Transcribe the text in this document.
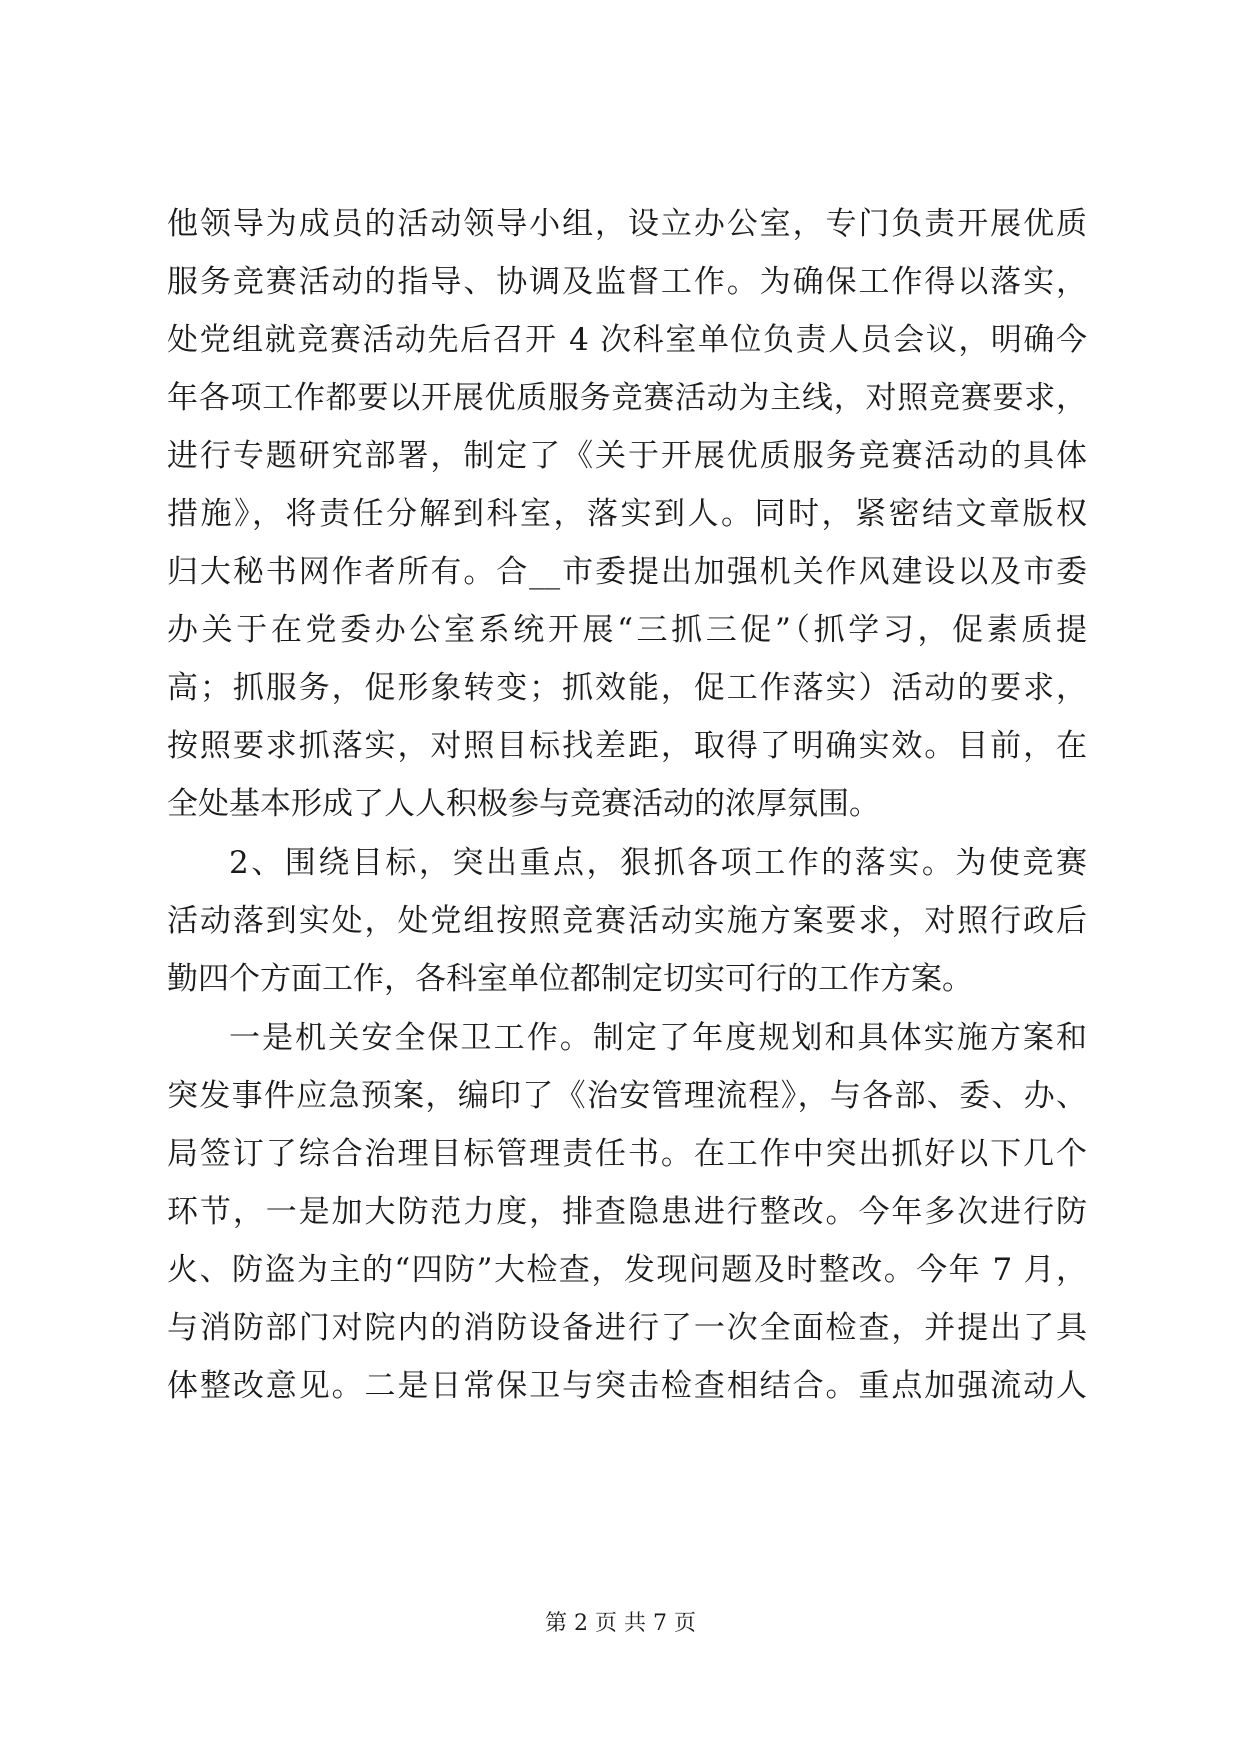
他领导为成员的活动领导小组，设立办公室，专门负责开展优质
服务竞赛活动的指导、协调及监督工作。为确保工作得以落实，
处党组就竞赛活动先后召开 4 次科室单位负责人员会议，明确今
年各项工作都要以开展优质服务竞赛活动为主线，对照竞赛要求，
进行专题研究部署，制定了《关于开展优质服务竞赛活动的具体
措施》，将责任分解到科室，落实到人。同时，紧密结文章版权
归大秘书网作者所有。合__市委提出加强机关作风建设以及市委
办关于在党委办公室系统开展“三抓三促”（抓学习，促素质提
高；抓服务，促形象转变；抓效能，促工作落实）活动的要求，
按照要求抓落实，对照目标找差距，取得了明确实效。目前，在
全处基本形成了人人积极参与竞赛活动的浓厚氛围。
2、围绕目标，突出重点，狠抓各项工作的落实。为使竞赛
活动落到实处，处党组按照竞赛活动实施方案要求，对照行政后
勤四个方面工作，各科室单位都制定切实可行的工作方案。
一是机关安全保卫工作。制定了年度规划和具体实施方案和
突发事件应急预案，编印了《治安管理流程》，与各部、委、办、
局签订了综合治理目标管理责任书。在工作中突出抓好以下几个
环节，一是加大防范力度，排查隐患进行整改。今年多次进行防
火、防盗为主的“四防”大检查，发现问题及时整改。今年 7 月，
与消防部门对院内的消防设备进行了一次全面检查，并提出了具
体整改意见。二是日常保卫与突击检查相结合。重点加强流动人
第 2 页 共 7 页
